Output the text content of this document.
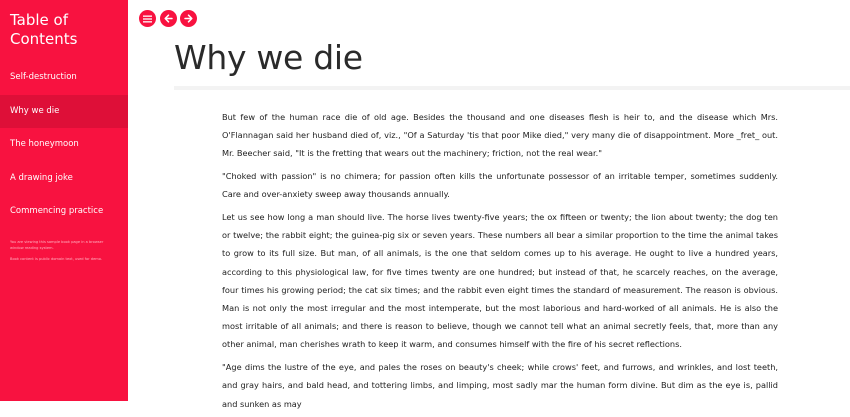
Table of Contents
Self-destruction
Why we die
The honeymoon
A drawing joke
Commencing practice

You are viewing this sample book page in a browser window reading system.

Book content is public domain text, used for demo.

Why we die

But few of the human race die of old age. Besides the thousand and one diseases flesh is heir to, and the disease which Mrs. O'Flannagan said her husband died of, viz., "Of a Saturday 'tis that poor Mike died," very many die of disappointment. More _fret_ out. Mr. Beecher said, "It is the fretting that wears out the machinery; friction, not the real wear."

"Choked with passion" is no chimera; for passion often kills the unfortunate possessor of an irritable temper, sometimes suddenly. Care and over-anxiety sweep away thousands annually.

Let us see how long a man should live. The horse lives twenty-five years; the ox fifteen or twenty; the lion about twenty; the dog ten or twelve; the rabbit eight; the guinea-pig six or seven years. These numbers all bear a similar proportion to the time the animal takes to grow to its full size. But man, of all animals, is the one that seldom comes up to his average. He ought to live a hundred years, according to this physiological law, for five times twenty are one hundred; but instead of that, he scarcely reaches, on the average, four times his growing period; the cat six times; and the rabbit even eight times the standard of measurement. The reason is obvious. Man is not only the most irregular and the most intemperate, but the most laborious and hard-worked of all animals. He is also the most irritable of all animals; and there is reason to believe, though we cannot tell what an animal secretly feels, that, more than any other animal, man cherishes wrath to keep it warm, and consumes himself with the fire of his secret reflections.

"Age dims the lustre of the eye, and pales the roses on beauty's cheek; while crows' feet, and furrows, and wrinkles, and lost teeth, and gray hairs, and bald head, and tottering limbs, and limping, most sadly mar the human form divine. But dim as the eye is, pallid and sunken as may
